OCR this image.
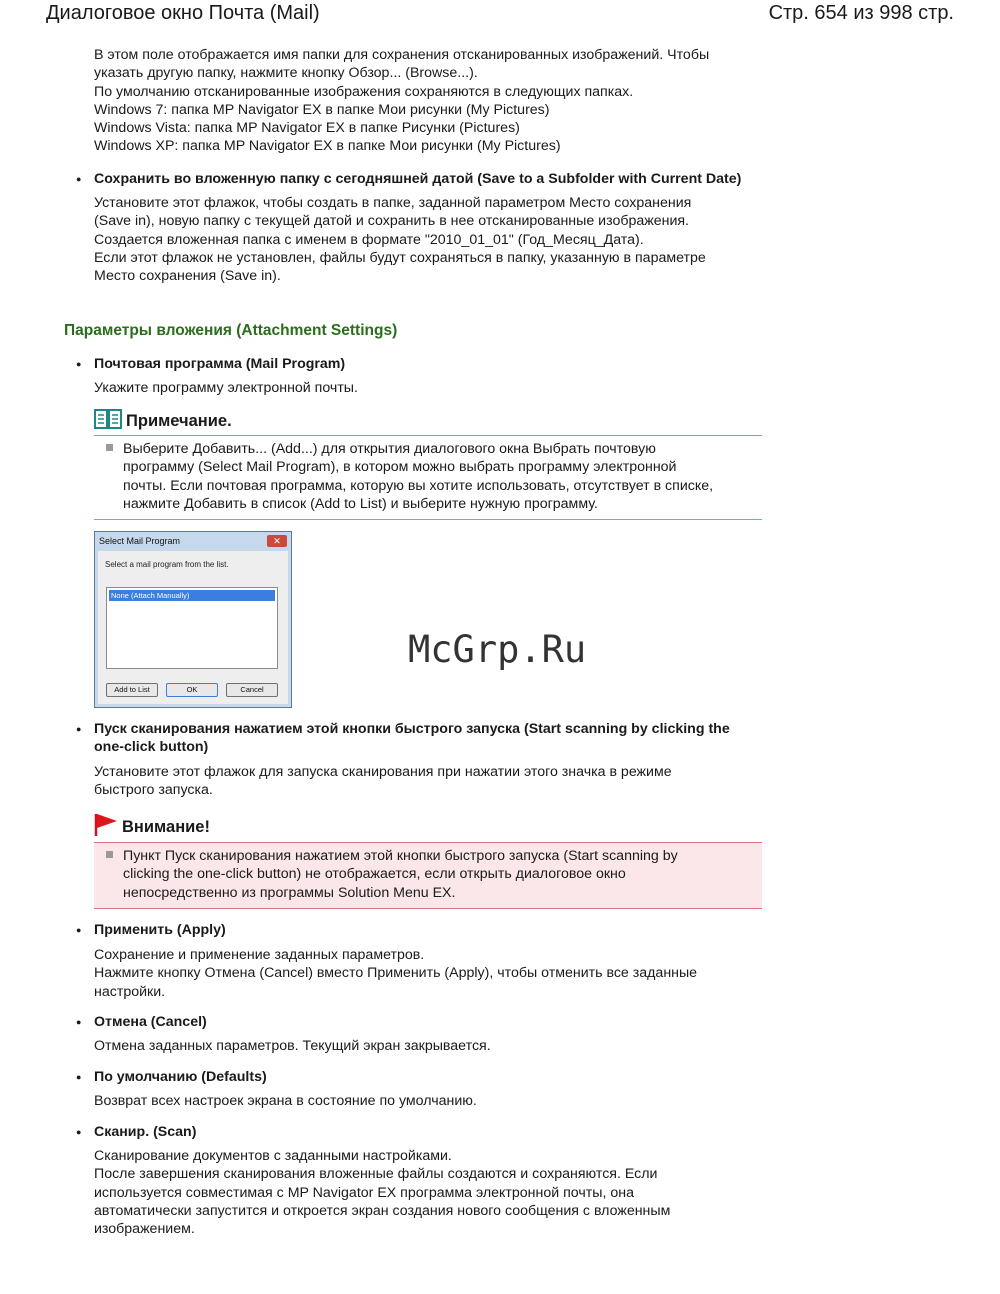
Диалоговое окно Почта (Mail)	Стр. 654 из 998 стр.

В этом поле отображается имя папки для сохранения отсканированных изображений. Чтобы

указать другую папку, нажмите кнопку Обзор... (Browse...).

По умолчанию отсканированные изображения сохраняются в следующих папках.

Windows 7: папка MP Navigator EX в папке Мои рисунки (My Pictures)

Windows Vista: папка MP Navigator EX в папке Рисунки (Pictures)

Windows XP: папка MP Navigator EX в папке Мои рисунки (My Pictures)

● Сохранить во вложенную папку с сегодняшней датой (Save to a Subfolder with Current Date)

Установите этот флажок, чтобы создать в папке, заданной параметром Место сохранения

(Save in), новую папку с текущей датой и сохранить в нее отсканированные изображения.

Создается вложенная папка с именем в формате "2010_01_01" (Год_Месяц_Дата).

Если этот флажок не установлен, файлы будут сохраняться в папку, указанную в параметре

Место сохранения (Save in).

Параметры вложения (Attachment Settings)

● Почтовая программа (Mail Program)

Укажите программу электронной почты.

Примечание.

Выберите Добавить... (Add...) для открытия диалогового окна Выбрать почтовую

программу (Select Mail Program), в котором можно выбрать программу электронной

почты. Если почтовая программа, которую вы хотите использовать, отсутствует в списке,

нажмите Добавить в список (Add to List) и выберите нужную программу.

Select Mail Program	✕
Select a mail program from the list.
None (Attach Manually)
Add to List	OK	Cancel
McGrp.Ru

● Пуск сканирования нажатием этой кнопки быстрого запуска (Start scanning by clicking the

one-click button)

Установите этот флажок для запуска сканирования при нажатии этого значка в режиме

быстрого запуска.

Внимание!

Пункт Пуск сканирования нажатием этой кнопки быстрого запуска (Start scanning by

clicking the one-click button) не отображается, если открыть диалоговое окно

непосредственно из программы Solution Menu EX.

● Применить (Apply)

Сохранение и применение заданных параметров.

Нажмите кнопку Отмена (Cancel) вместо Применить (Apply), чтобы отменить все заданные

настройки.

● Отмена (Cancel)

Отмена заданных параметров. Текущий экран закрывается.

● По умолчанию (Defaults)

Возврат всех настроек экрана в состояние по умолчанию.

● Сканир. (Scan)

Сканирование документов с заданными настройками.

После завершения сканирования вложенные файлы создаются и сохраняются. Если

используется совместимая с MP Navigator EX программа электронной почты, она

автоматически запустится и откроется экран создания нового сообщения с вложенным

изображением.
